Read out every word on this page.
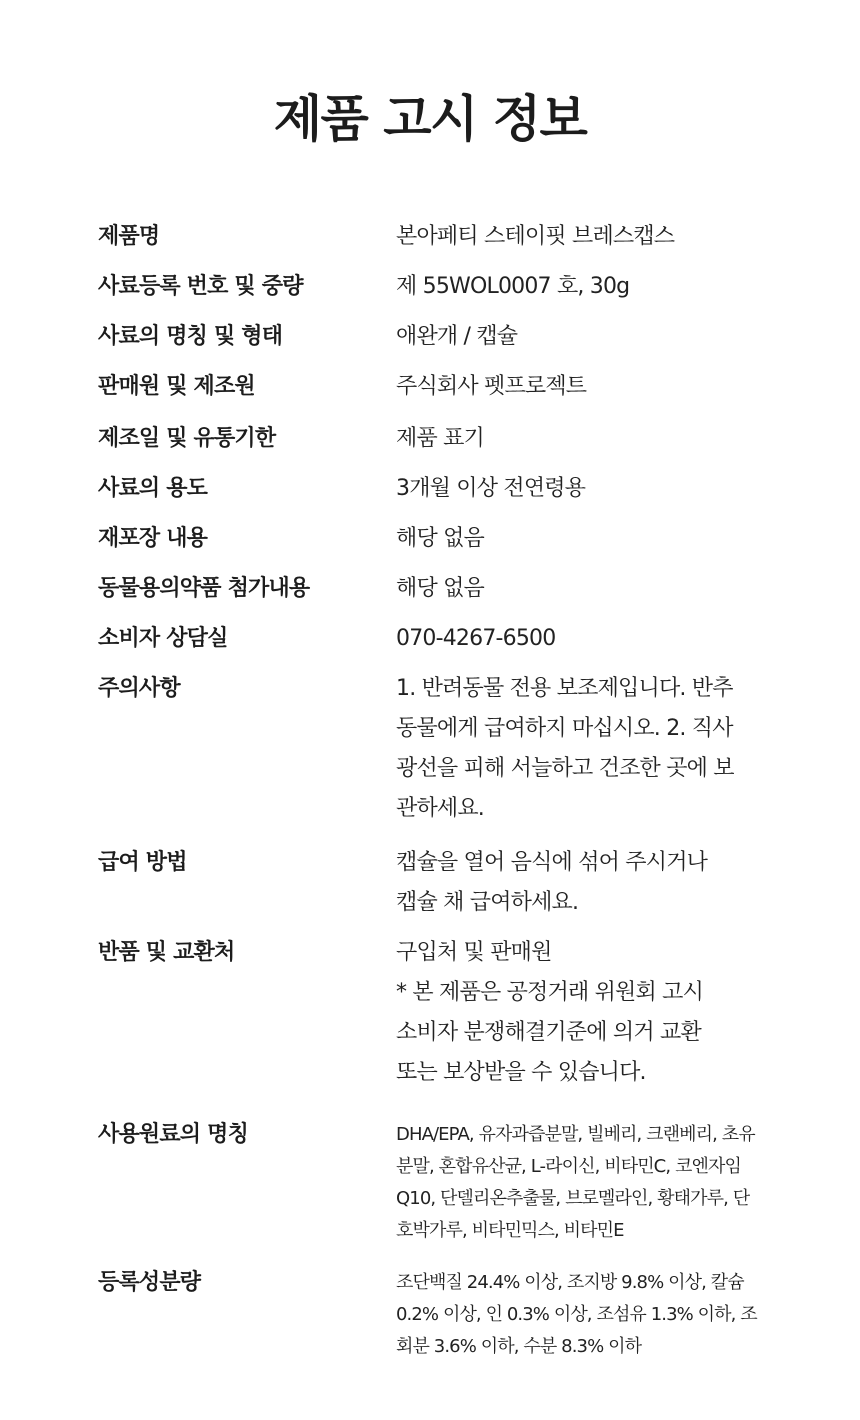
제품 고시 정보
제품명	본아페티 스테이핏 브레스캡스
사료등록 번호 및 중량	제 55WOL0007 호, 30g
사료의 명칭 및 형태	애완개 / 캡슐
판매원 및 제조원	주식회사 펫프로젝트
제조일 및 유통기한	제품 표기
사료의 용도	3개월 이상 전연령용
재포장 내용	해당 없음
동물용의약품 첨가내용	해당 없음
소비자 상담실	070-4267-6500
주의사항	1. 반려동물 전용 보조제입니다. 반추
동물에게 급여하지 마십시오. 2. 직사
광선을 피해 서늘하고 건조한 곳에 보
관하세요.
급여 방법	캡슐을 열어 음식에 섞어 주시거나
캡슐 채 급여하세요.
반품 및 교환처	구입처 및 판매원
* 본 제품은 공정거래 위원회 고시
소비자 분쟁해결기준에 의거 교환
또는 보상받을 수 있습니다.
사용원료의 명칭	DHA/EPA, 유자과즙분말, 빌베리, 크랜베리, 초유
분말, 혼합유산균, L-라이신, 비타민C, 코엔자임
Q10, 단델리온추출물, 브로멜라인, 황태가루, 단
호박가루, 비타민믹스, 비타민E
등록성분량	조단백질 24.4% 이상, 조지방 9.8% 이상, 칼슘
0.2% 이상, 인 0.3% 이상, 조섬유 1.3% 이하, 조
회분 3.6% 이하, 수분 8.3% 이하
